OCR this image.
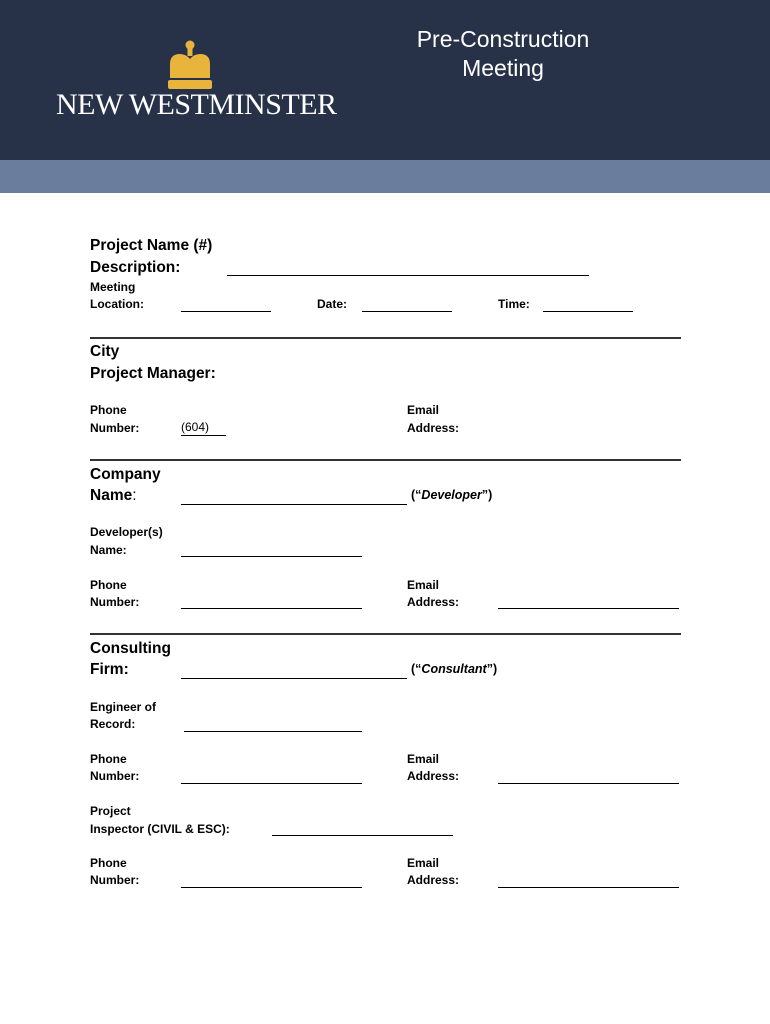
NEW WESTMINSTER
Pre-Construction
Meeting
Project Name (#)
Description:
Meeting
Location:	Date:	Time:
City
Project Manager:
Phone
Number:	(604)
Email
Address:
Company
Name:	(“Developer”)
Developer(s)
Name:
Phone
Number:
Email
Address:
Consulting
Firm:	(“Consultant”)
Engineer of
Record:
Phone
Number:
Email
Address:
Project
Inspector (CIVIL & ESC):
Phone
Number:
Email
Address:
